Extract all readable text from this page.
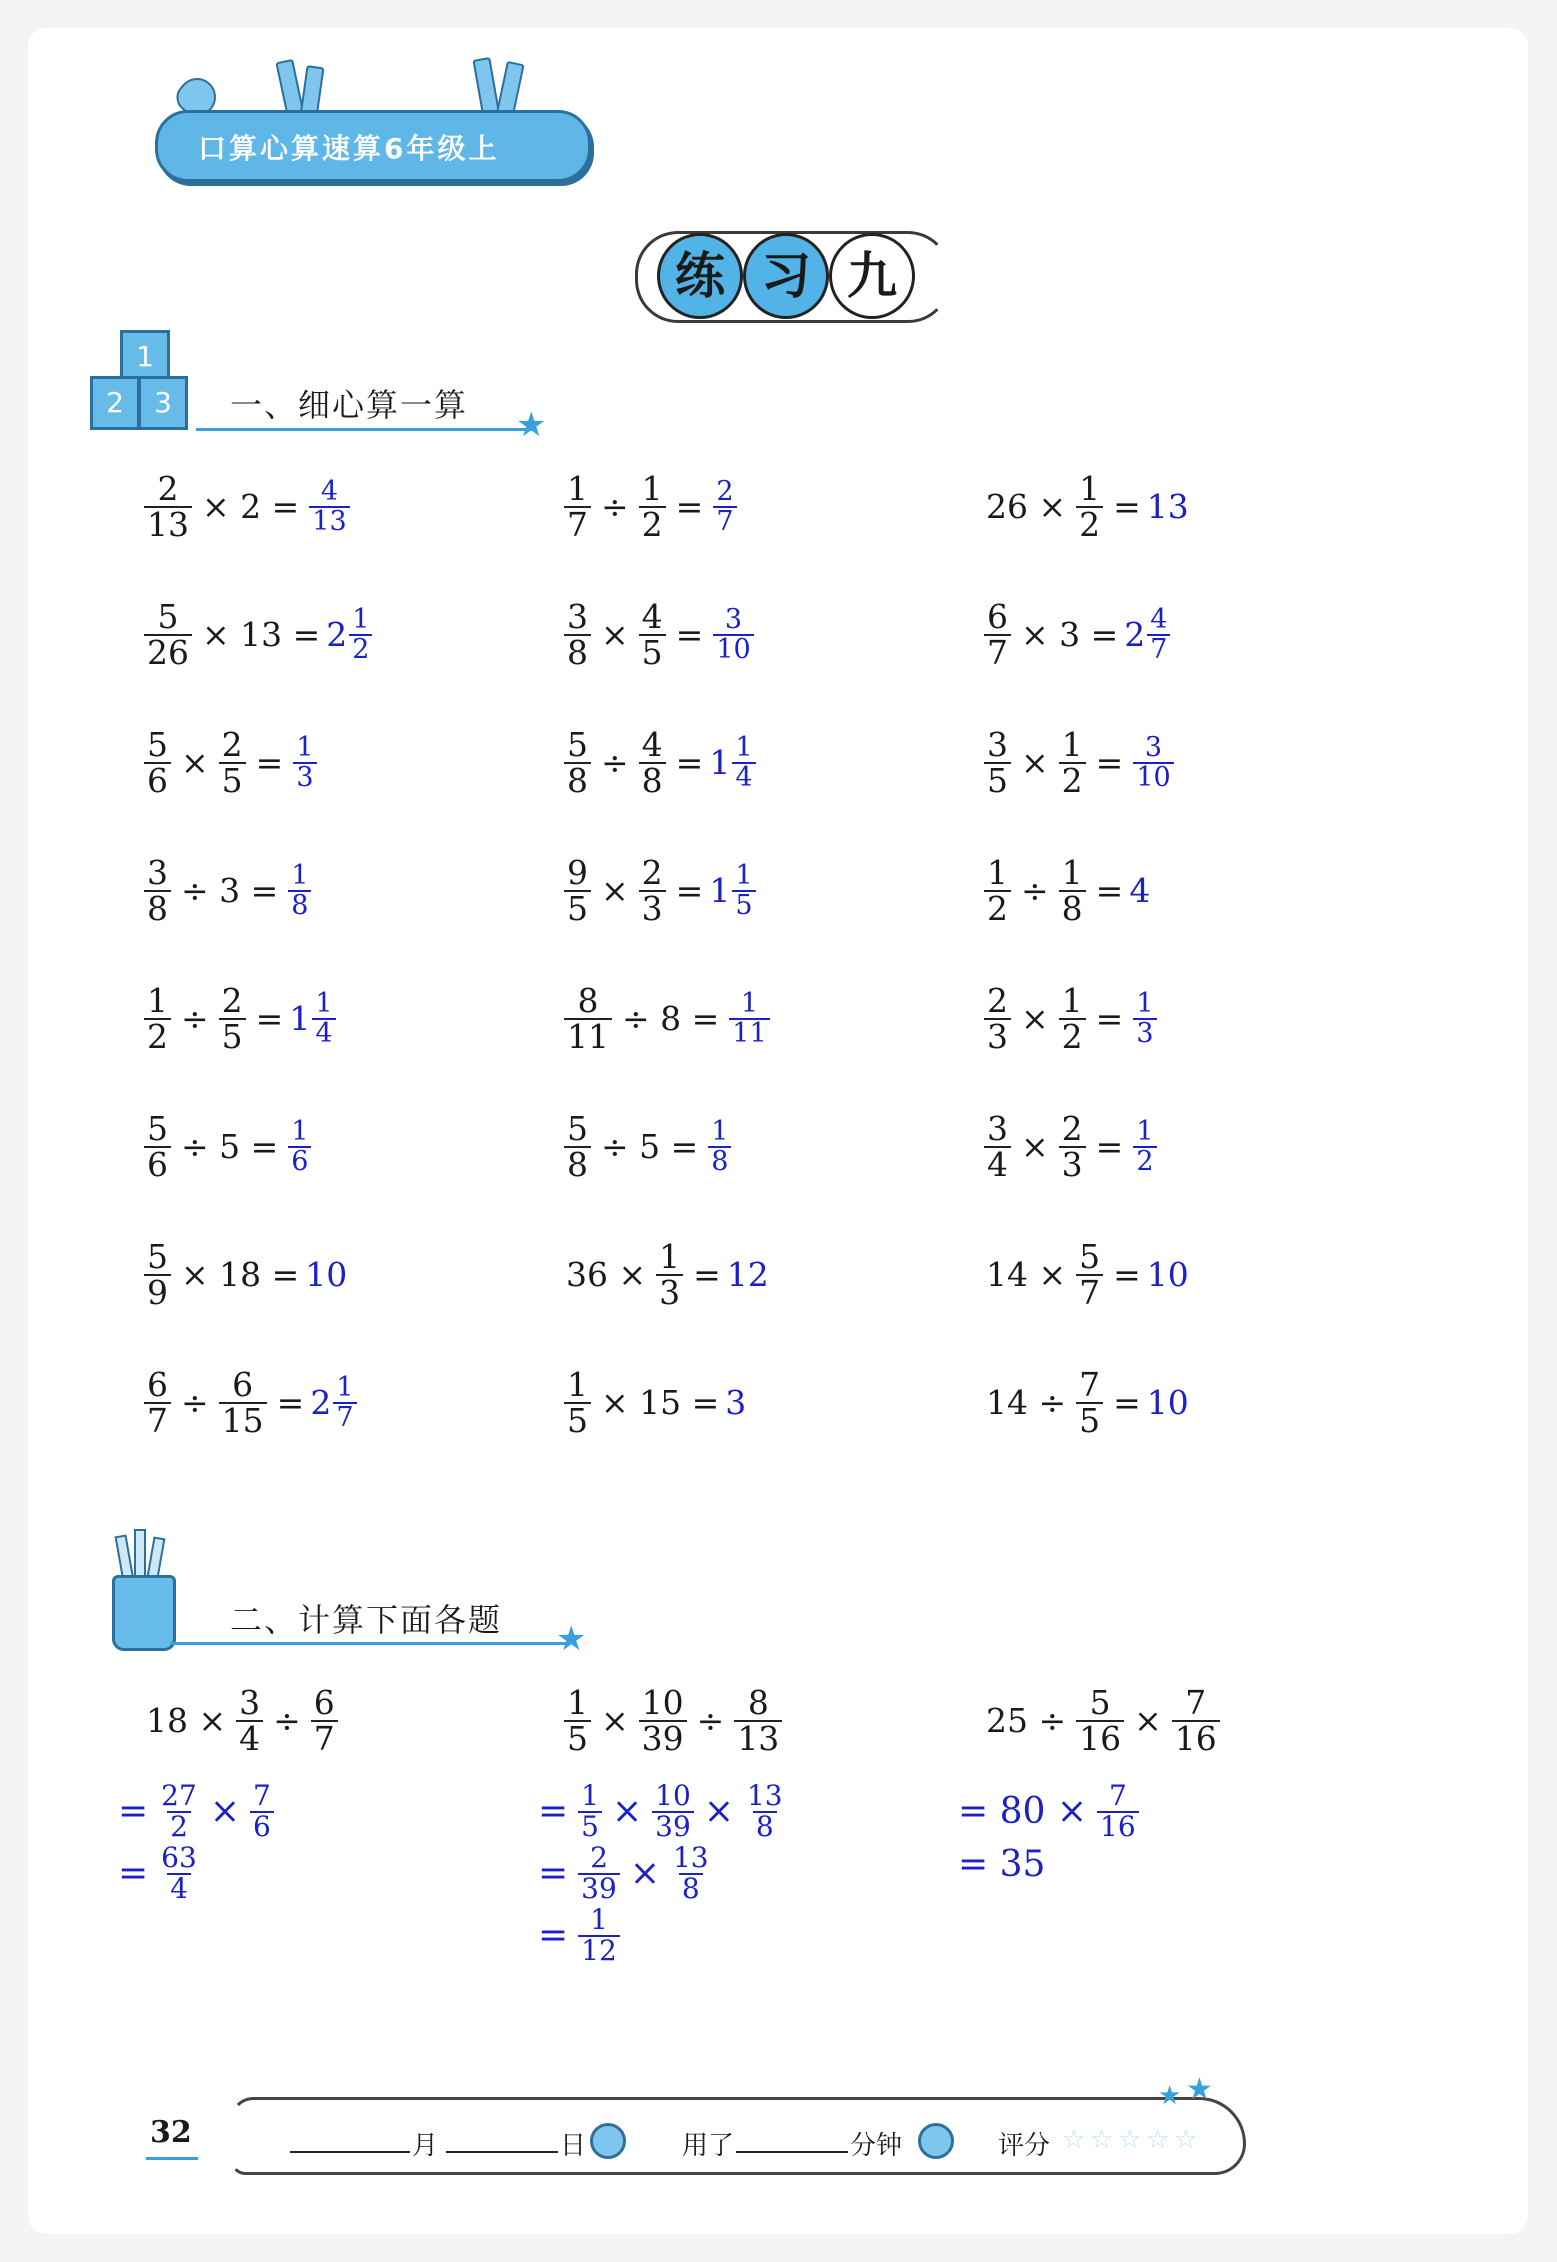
口算心算速算6年级上
练 习 九
1
2	3	一、细心算一算 ★
$\frac{2}{13} \times 2 = \frac{4}{13}$	$\frac{1}{7} \div \frac{1}{2} = \frac{2}{7}$	$26 \times \frac{1}{2} = 13$
$\frac{5}{26} \times 13 = 2 \frac{1}{2}$	$\frac{3}{8} \times \frac{4}{5} = \frac{3}{10}$	$\frac{6}{7} \times 3 = 2 \frac{4}{7}$
$\frac{5}{6} \times \frac{2}{5} = \frac{1}{3}$	$\frac{5}{8} \div \frac{4}{8} = 1 \frac{1}{4}$	$\frac{3}{5} \times \frac{1}{2} = \frac{3}{10}$
$\frac{3}{8} \div 3 = \frac{1}{8}$	$\frac{9}{5} \times \frac{2}{3} = 1 \frac{1}{5}$	$\frac{1}{2} \div \frac{1}{8} = 4$
$\frac{1}{2} \div \frac{2}{5} = 1 \frac{1}{4}$	$\frac{8}{11} \div 8 = \frac{1}{11}$	$\frac{2}{3} \times \frac{1}{2} = \frac{1}{3}$
$\frac{5}{6} \div 5 = \frac{1}{6}$	$\frac{5}{8} \div 5 = \frac{1}{8}$	$\frac{3}{4} \times \frac{2}{3} = \frac{1}{2}$
$\frac{5}{9} \times 18 = 10$	$36 \times \frac{1}{3} = 12$	$14 \times \frac{5}{7} = 10$
$\frac{6}{7} \div \frac{6}{15} = 2 \frac{1}{7}$	$\frac{1}{5} \times 15 = 3$	$14 \div \frac{7}{5} = 10$
二、计算下面各题 ★
$18 \times \frac{3}{4} \div \frac{6}{7}$
= $\frac{27}{2} \times \frac{7}{6}$
= $\frac{63}{4}$
$\frac{1}{5} \times \frac{10}{39} \div \frac{8}{13}$
= $\frac{1}{5} \times \frac{10}{39} \times \frac{13}{8}$
= $\frac{2}{39} \times \frac{13}{8}$
= $\frac{1}{12}$
$25 \div \frac{5}{16} \times \frac{7}{16}$
= $80 \times \frac{7}{16}$
= 35
32	月	日	用了	分钟	评分 ☆ ☆ ☆ ☆ ☆
★ ★
